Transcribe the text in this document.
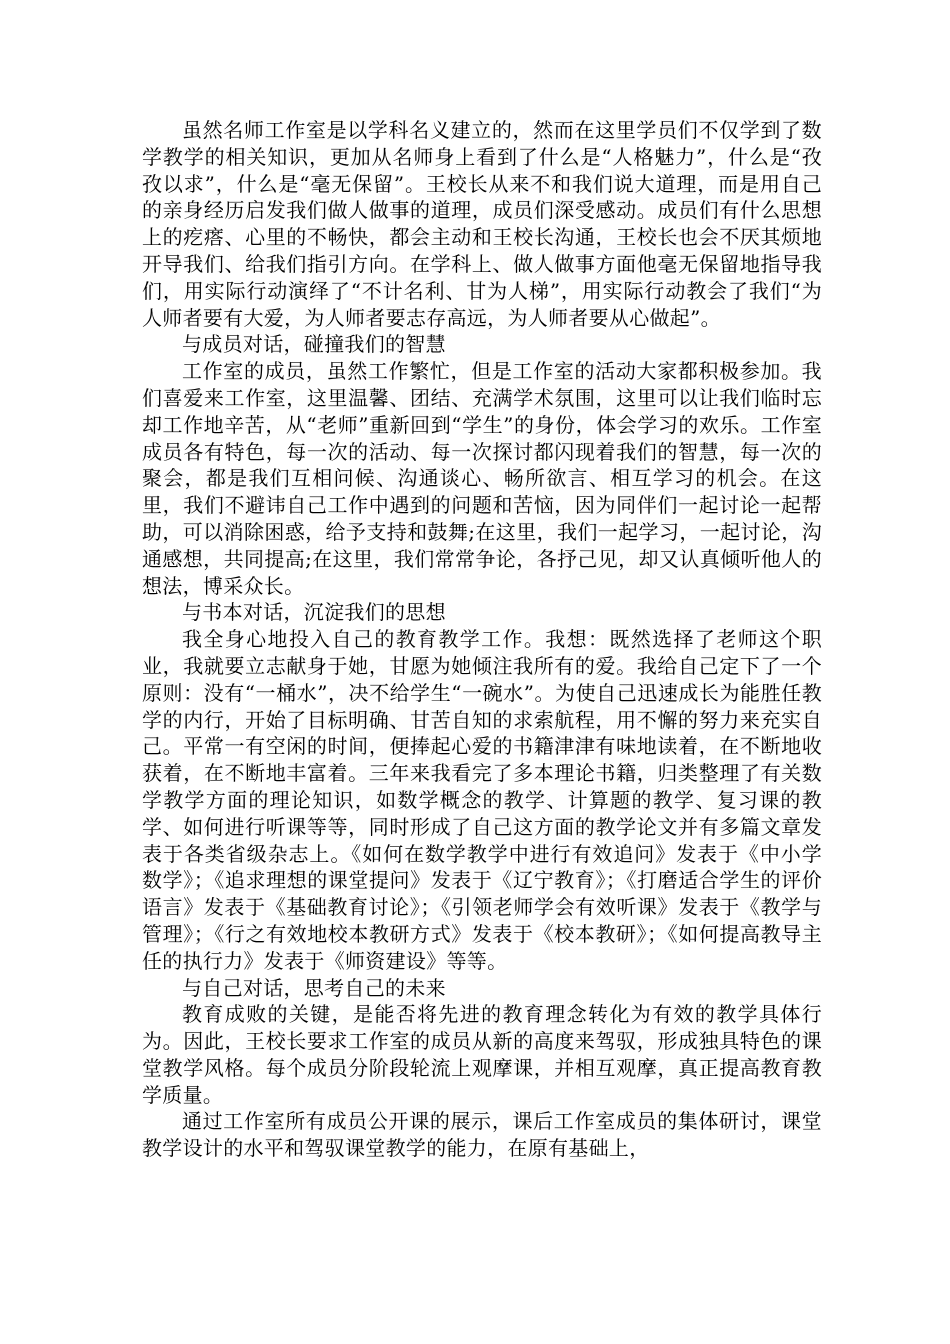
虽然名师工作室是以学科名义建立的，然而在这里学员们不仅学到了数学教学的相关知识，更加从名师身上看到了什么是“人格魅力”，什么是“孜孜以求”，什么是“毫无保留”。王校长从来不和我们说大道理，而是用自己的亲身经历启发我们做人做事的道理，成员们深受感动。成员们有什么思想上的疙瘩、心里的不畅快，都会主动和王校长沟通，王校长也会不厌其烦地开导我们、给我们指引方向。在学科上、做人做事方面他毫无保留地指导我们，用实际行动演绎了“不计名利、甘为人梯”，用实际行动教会了我们“为人师者要有大爱，为人师者要志存高远，为人师者要从心做起”。

与成员对话，碰撞我们的智慧

工作室的成员，虽然工作繁忙，但是工作室的活动大家都积极参加。我们喜爱来工作室，这里温馨、团结、充满学术氛围，这里可以让我们临时忘却工作地辛苦，从“老师”重新回到“学生”的身份，体会学习的欢乐。工作室成员各有特色，每一次的活动、每一次探讨都闪现着我们的智慧，每一次的聚会，都是我们互相问候、沟通谈心、畅所欲言、相互学习的机会。在这里，我们不避讳自己工作中遇到的问题和苦恼，因为同伴们一起讨论一起帮助，可以消除困惑，给予支持和鼓舞;在这里，我们一起学习，一起讨论，沟通感想，共同提高;在这里，我们常常争论，各抒己见，却又认真倾听他人的想法，博采众长。

与书本对话，沉淀我们的思想

我全身心地投入自己的教育教学工作。我想：既然选择了老师这个职业，我就要立志献身于她，甘愿为她倾注我所有的爱。我给自己定下了一个原则：没有“一桶水”，决不给学生“一碗水”。为使自己迅速成长为能胜任教学的内行，开始了目标明确、甘苦自知的求索航程，用不懈的努力来充实自己。平常一有空闲的时间，便捧起心爱的书籍津津有味地读着，在不断地收获着，在不断地丰富着。三年来我看完了多本理论书籍，归类整理了有关数学教学方面的理论知识，如数学概念的教学、计算题的教学、复习课的教学、如何进行听课等等，同时形成了自己这方面的教学论文并有多篇文章发表于各类省级杂志上。《如何在数学教学中进行有效追问》发表于《中小学数学》；《追求理想的课堂提问》发表于《辽宁教育》；《打磨适合学生的评价语言》发表于《基础教育讨论》；《引领老师学会有效听课》发表于《教学与管理》；《行之有效地校本教研方式》发表于《校本教研》；《如何提高教导主任的执行力》发表于《师资建设》等等。

与自己对话，思考自己的未来

教育成败的关键，是能否将先进的教育理念转化为有效的教学具体行为。因此，王校长要求工作室的成员从新的高度来驾驭，形成独具特色的课堂教学风格。每个成员分阶段轮流上观摩课，并相互观摩，真正提高教育教学质量。

通过工作室所有成员公开课的展示，课后工作室成员的集体研讨，课堂教学设计的水平和驾驭课堂教学的能力，在原有基础上，
